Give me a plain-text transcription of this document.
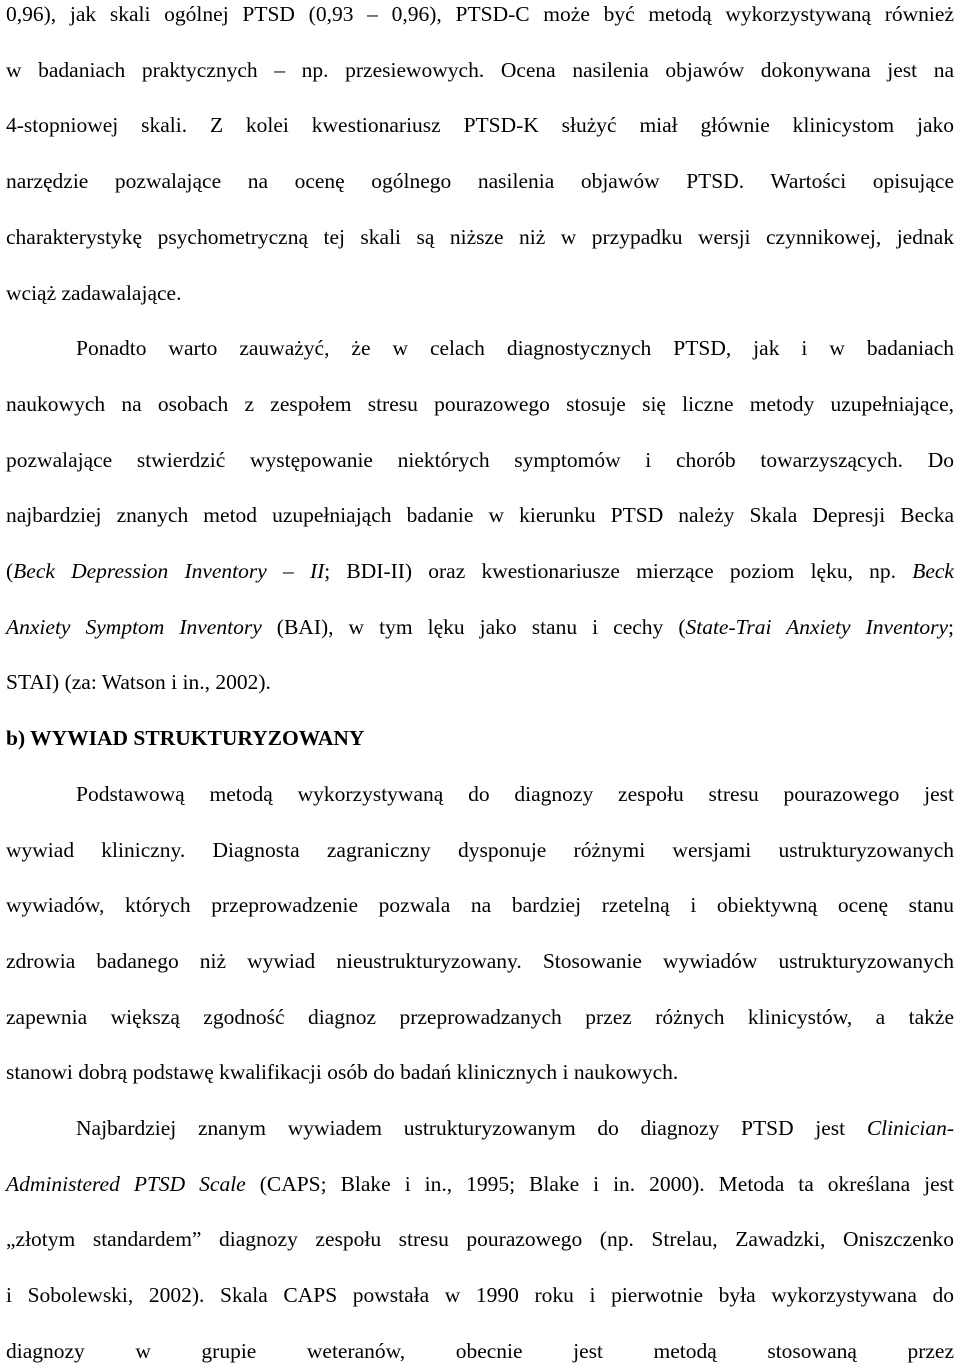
0,96), jak skali ogólnej PTSD (0,93 – 0,96), PTSD-C może być metodą wykorzystywaną również
w badaniach praktycznych – np. przesiewowych. Ocena nasilenia objawów dokonywana jest na
4-stopniowej skali. Z kolei kwestionariusz PTSD-K służyć miał głównie klinicystom jako
narzędzie pozwalające na ocenę ogólnego nasilenia objawów PTSD. Wartości opisujące
charakterystykę psychometryczną tej skali są niższe niż w przypadku wersji czynnikowej, jednak
wciąż zadawalające.
Ponadto warto zauważyć, że w celach diagnostycznych PTSD, jak i w badaniach
naukowych na osobach z zespołem stresu pourazowego stosuje się liczne metody uzupełniające,
pozwalające stwierdzić występowanie niektórych symptomów i chorób towarzyszących. Do
najbardziej znanych metod uzupełniająch badanie w kierunku PTSD należy Skala Depresji Becka
(Beck Depression Inventory – II; BDI-II) oraz kwestionariusze mierzące poziom lęku, np. Beck
Anxiety Symptom Inventory (BAI), w tym lęku jako stanu i cechy (State-Trai Anxiety Inventory;
STAI) (za: Watson i in., 2002).
b) WYWIAD STRUKTURYZOWANY
Podstawową metodą wykorzystywaną do diagnozy zespołu stresu pourazowego jest
wywiad kliniczny. Diagnosta zagraniczny dysponuje różnymi wersjami ustrukturyzowanych
wywiadów, których przeprowadzenie pozwala na bardziej rzetelną i obiektywną ocenę stanu
zdrowia badanego niż wywiad nieustrukturyzowany. Stosowanie wywiadów ustrukturyzowanych
zapewnia większą zgodność diagnoz przeprowadzanych przez różnych klinicystów, a także
stanowi dobrą podstawę kwalifikacji osób do badań klinicznych i naukowych.
Najbardziej znanym wywiadem ustrukturyzowanym do diagnozy PTSD jest Clinician-
Administered PTSD Scale (CAPS; Blake i in., 1995; Blake i in. 2000). Metoda ta określana jest
„złotym standardem” diagnozy zespołu stresu pourazowego (np. Strelau, Zawadzki, Oniszczenko
i Sobolewski, 2002). Skala CAPS powstała w 1990 roku i pierwotnie była wykorzystywana do
diagnozy w grupie weteranów, obecnie jest metodą stosowaną przez
